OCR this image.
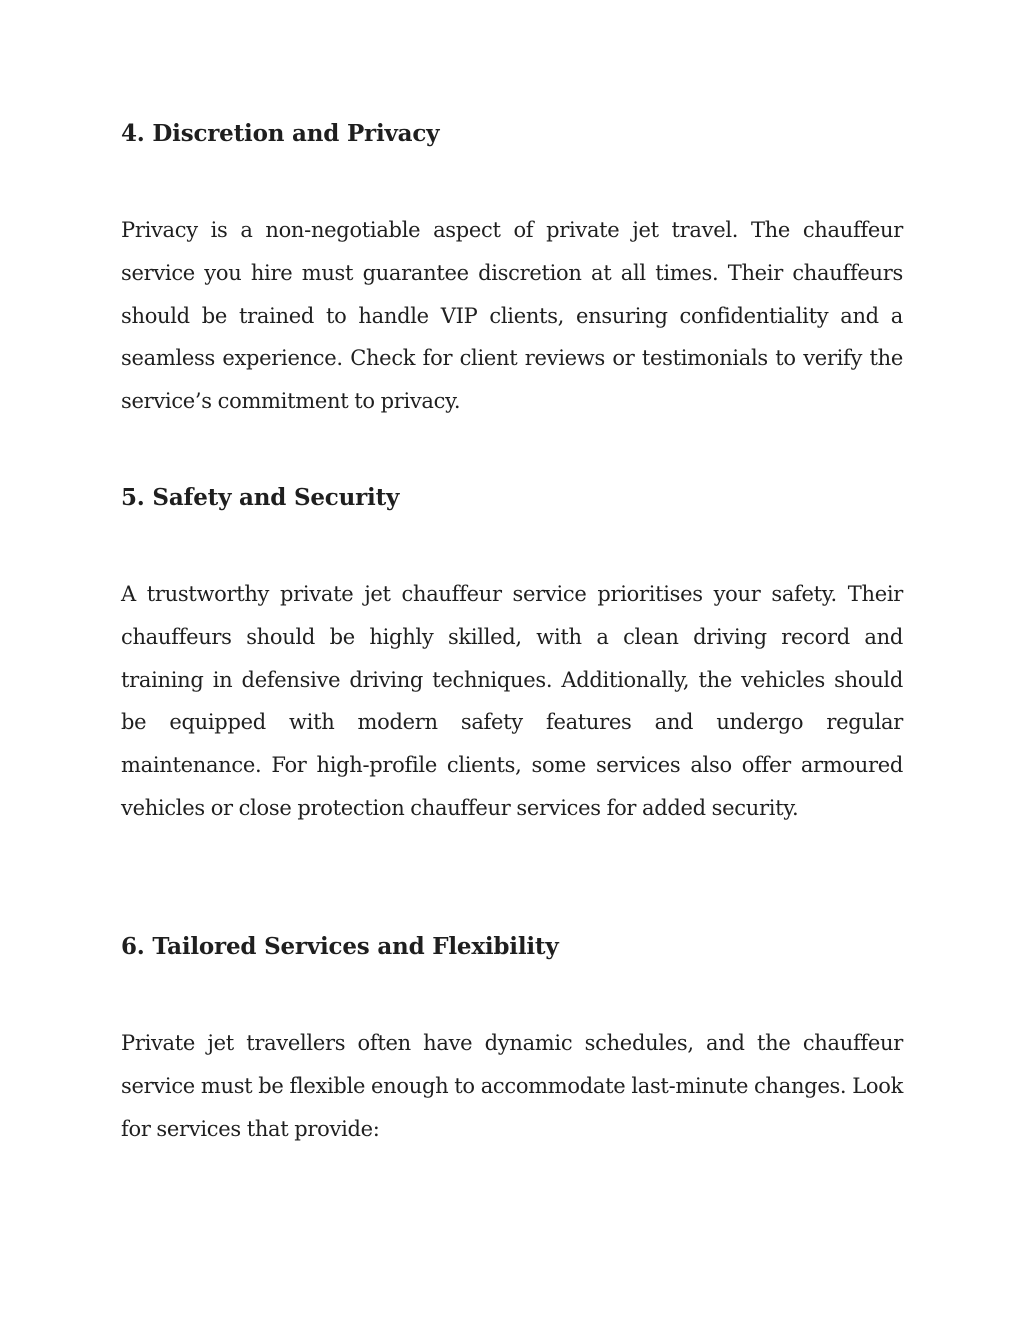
4. Discretion and Privacy

Privacy is a non-negotiable aspect of private jet travel. The chauffeur service you hire must guarantee discretion at all times. Their chauffeurs should be trained to handle VIP clients, ensuring confidentiality and a seamless experience. Check for client reviews or testimonials to verify the service’s commitment to privacy.

5. Safety and Security

A trustworthy private jet chauffeur service prioritises your safety. Their chauffeurs should be highly skilled, with a clean driving record and training in defensive driving techniques. Additionally, the vehicles should be equipped with modern safety features and undergo regular maintenance. For high-profile clients, some services also offer armoured vehicles or close protection chauffeur services for added security.

6. Tailored Services and Flexibility

Private jet travellers often have dynamic schedules, and the chauffeur service must be flexible enough to accommodate last-minute changes. Look for services that provide:
